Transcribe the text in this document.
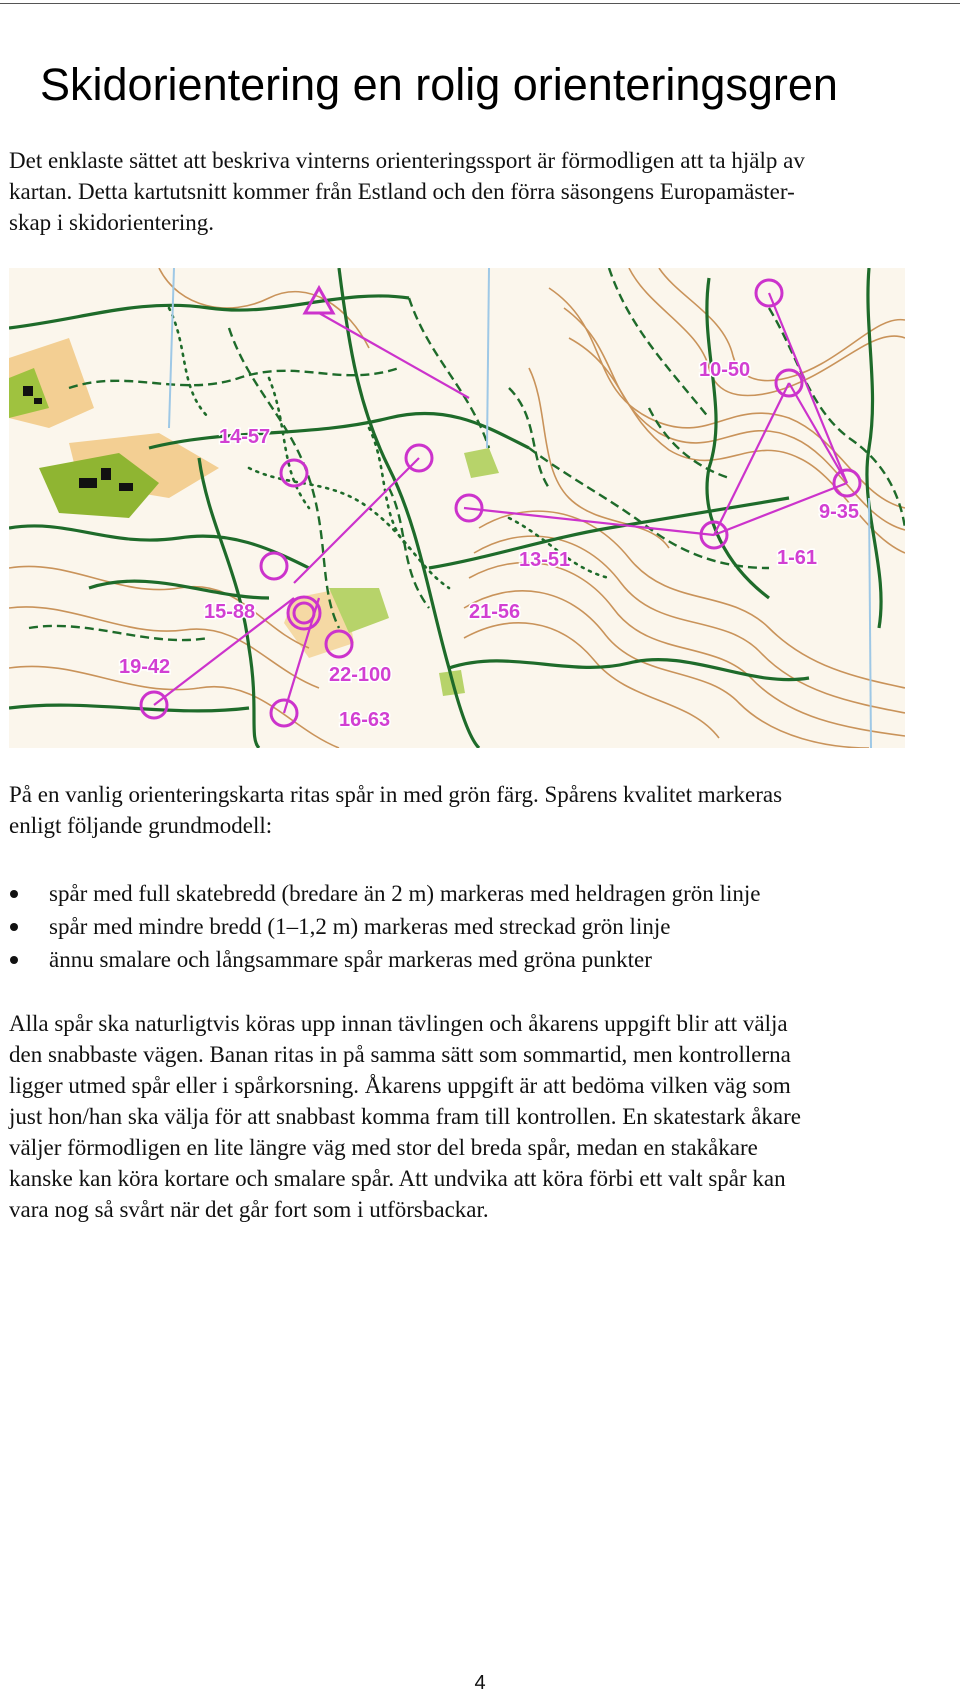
Skidorientering en rolig orienteringsgren

Det enklaste sättet att beskriva vinterns orienteringssport är förmodligen att ta hjälp av
kartan. Detta kartutsnitt kommer från Estland och den förra säsongens Europamäster-
skap i skidorientering.

14-57
10-50
9-35
1-61
13-51
15-88	21-56
19-42	22-100
16-63

På en vanlig orienteringskarta ritas spår in med grön färg. Spårens kvalitet markeras
enligt följande grundmodell:

spår med full skatebredd (bredare än 2 m) markeras med heldragen grön linje
spår med mindre bredd (1–1,2 m) markeras med streckad grön linje
ännu smalare och långsammare spår markeras med gröna punkter

Alla spår ska naturligtvis köras upp innan tävlingen och åkarens uppgift blir att välja
den snabbaste vägen. Banan ritas in på samma sätt som sommartid, men kontrollerna
ligger utmed spår eller i spårkorsning. Åkarens uppgift är att bedöma vilken väg som
just hon/han ska välja för att snabbast komma fram till kontrollen. En skatestark åkare
väljer förmodligen en lite längre väg med stor del breda spår, medan en stakåkare
kanske kan köra kortare och smalare spår. Att undvika att köra förbi ett valt spår kan
vara nog så svårt när det går fort som i utförsbackar.

4
